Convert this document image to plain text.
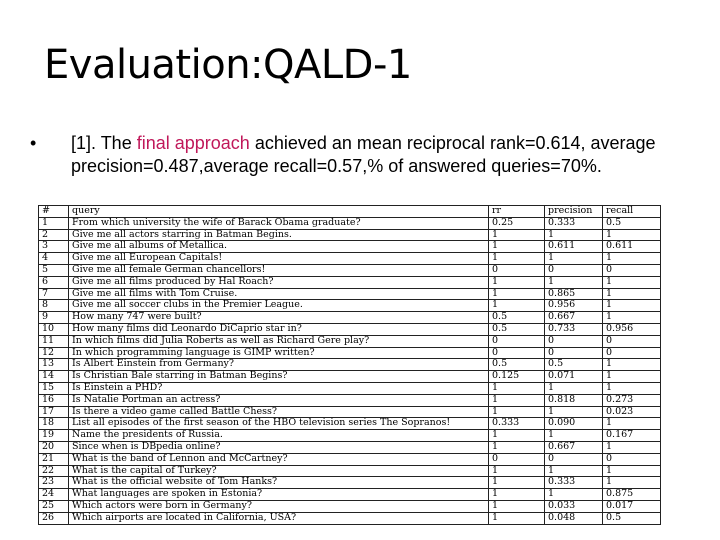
Evaluation:QALD-1
• [1]. The final approach achieved an mean reciprocal rank=0.614, average precision=0.487,average recall=0.57,% of answered queries=70%.
#	query	rr	precision	recall
1	From which university the wife of Barack Obama graduate?	0.25	0.333	0.5
2	Give me all actors starring in Batman Begins.	1	1	1
3	Give me all albums of Metallica.	1	0.611	0.611
4	Give me all European Capitals!	1	1	1
5	Give me all female German chancellors!	0	0	0
6	Give me all films produced by Hal Roach?	1	1	1
7	Give me all films with Tom Cruise.	1	0.865	1
8	Give me all soccer clubs in the Premier League.	1	0.956	1
9	How many 747 were built?	0.5	0.667	1
10	How many films did Leonardo DiCaprio star in?	0.5	0.733	0.956
11	In which films did Julia Roberts as well as Richard Gere play?	0	0	0
12	In which programming language is GIMP written?	0	0	0
13	Is Albert Einstein from Germany?	0.5	0.5	1
14	Is Christian Bale starring in Batman Begins?	0.125	0.071	1
15	Is Einstein a PHD?	1	1	1
16	Is Natalie Portman an actress?	1	0.818	0.273
17	Is there a video game called Battle Chess?	1	1	0.023
18	List all episodes of the first season of the HBO television series The Sopranos!	0.333	0.090	1
19	Name the presidents of Russia.	1	1	0.167
20	Since when is DBpedia online?	1	0.667	1
21	What is the band of Lennon and McCartney?	0	0	0
22	What is the capital of Turkey?	1	1	1
23	What is the official website of Tom Hanks?	1	0.333	1
24	What languages are spoken in Estonia?	1	1	0.875
25	Which actors were born in Germany?	1	0.033	0.017
26	Which airports are located in California, USA?	1	0.048	0.5
